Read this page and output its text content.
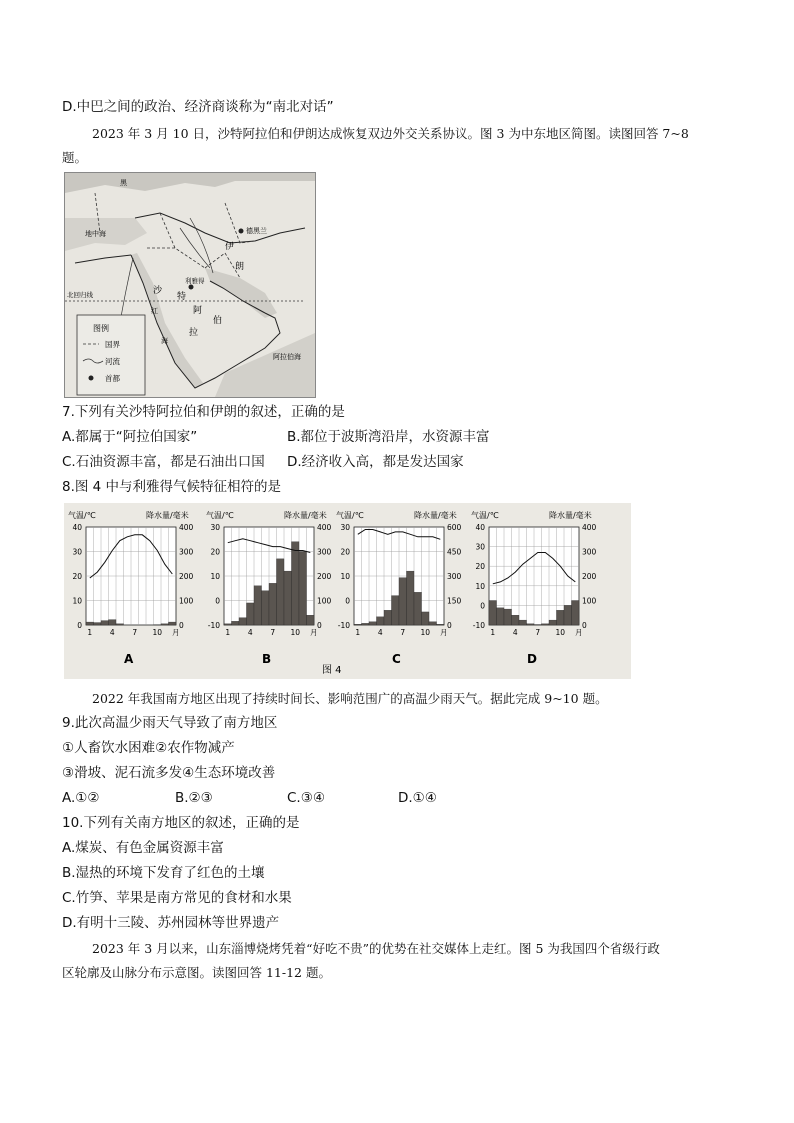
D.中巴之间的政治、经济商谈称为“南北对话”
2023 年 3 月 10 日，沙特阿拉伯和伊朗达成恢复双边外交关系协议。图 3 为中东地区简图。读图回答 7~8
题。
黑
地中海
红
海
阿拉伯海
德黑兰
利雅得
伊
朗
沙
特
阿
拉
伯
北回归线
图例
国界
河流
首都
7.下列有关沙特阿拉伯和伊朗的叙述，正确的是
A.都属于“阿拉伯国家”	B.都位于波斯湾沿岸，水资源丰富
C.石油资源丰富，都是石油出口国 D.经济收入高，都是发达国家
8.图 4 中与利雅得气候特征相符的是
气温/℃	降水量/毫米
40
30
20
10
0
400
300
200
100
0
1 4 7 10 月
A
气温/℃	降水量/毫米
30
20
10
0
-10
400
300
200
100
0
1 4 7 10 月
B
气温/℃	降水量/毫米
30
20
10
0
-10
600
450
300
150
0
1 4 7 10 月
C
气温/℃	降水量/毫米
40
30
20
10
0
-10
400
300
200
100
0
1 4 7 10 月
D
图 4
2022 年我国南方地区出现了持续时间长、影响范围广的高温少雨天气。据此完成 9~10 题。
9.此次高温少雨天气导致了南方地区
①人畜饮水困难②农作物减产
③滑坡、泥石流多发④生态环境改善
A.①②	B.②③	C.③④	D.①④
10.下列有关南方地区的叙述，正确的是
A.煤炭、有色金属资源丰富
B.湿热的环境下发育了红色的土壤
C.竹笋、苹果是南方常见的食材和水果
D.有明十三陵、苏州园林等世界遗产
2023 年 3 月以来，山东淄博烧烤凭着“好吃不贵”的优势在社交媒体上走红。图 5 为我国四个省级行政
区轮廓及山脉分布示意图。读图回答 11-12 题。
